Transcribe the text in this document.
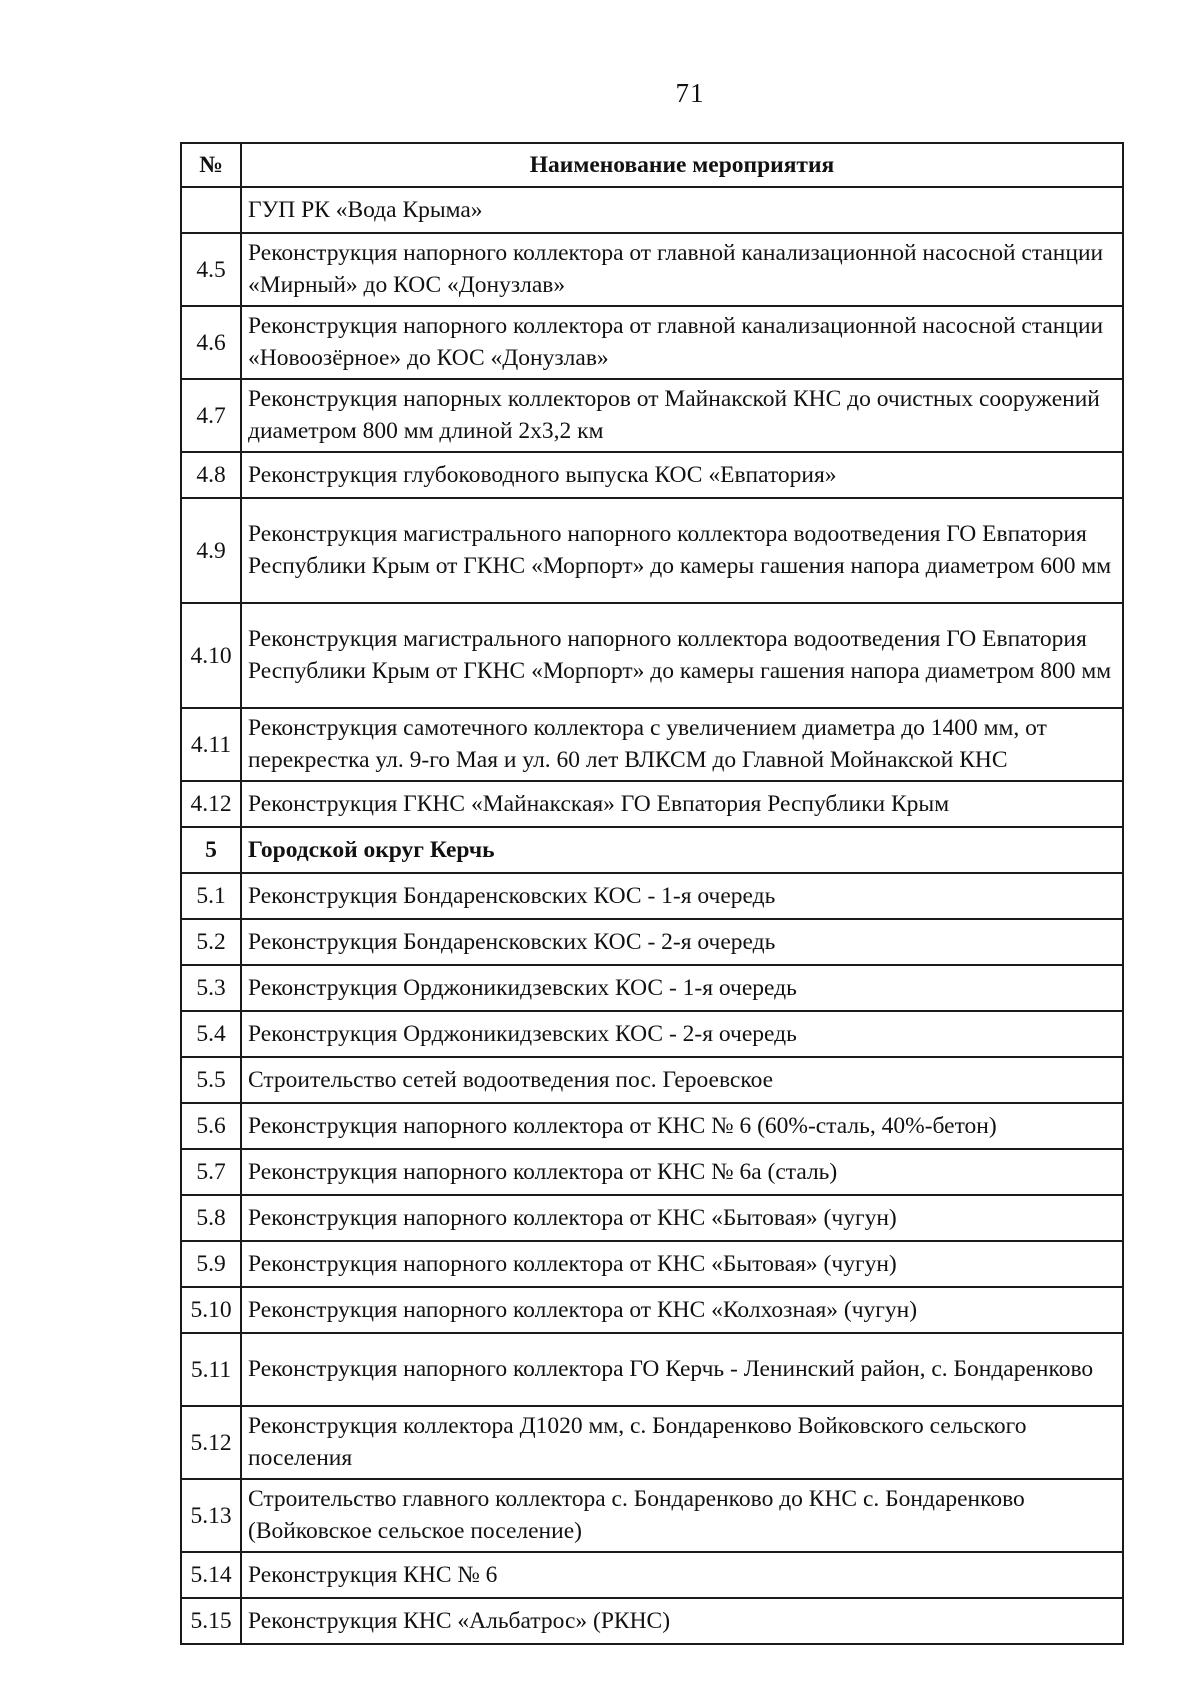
71
№	Наименование мероприятия
	ГУП РК «Вода Крыма»
4.5	Реконструкция напорного коллектора от главной канализационной насосной станции «Мирный» до КОС «Донузлав»
4.6	Реконструкция напорного коллектора от главной канализационной насосной станции «Новоозёрное» до КОС «Донузлав»
4.7	Реконструкция напорных коллекторов от Майнакской КНС до очистных сооружений диаметром 800 мм длиной 2х3,2 км
4.8	Реконструкция глубоководного выпуска КОС «Евпатория»
4.9	Реконструкция магистрального напорного коллектора водоотведения ГО Евпатория Республики Крым от ГКНС «Морпорт» до камеры гашения напора диаметром 600 мм
4.10	Реконструкция магистрального напорного коллектора водоотведения ГО Евпатория Республики Крым от ГКНС «Морпорт» до камеры гашения напора диаметром 800 мм
4.11	Реконструкция самотечного коллектора с увеличением диаметра до 1400 мм, от перекрестка ул. 9-го Мая и ул. 60 лет ВЛКСМ до Главной Мойнакской КНС
4.12	Реконструкция ГКНС «Майнакская» ГО Евпатория Республики Крым
5	Городской округ Керчь
5.1	Реконструкция Бондаренсковских КОС - 1-я очередь
5.2	Реконструкция Бондаренсковских КОС - 2-я очередь
5.3	Реконструкция Орджоникидзевских КОС - 1-я очередь
5.4	Реконструкция Орджоникидзевских КОС - 2-я очередь
5.5	Строительство сетей водоотведения пос. Героевское
5.6	Реконструкция напорного коллектора от КНС № 6 (60%-сталь, 40%-бетон)
5.7	Реконструкция напорного коллектора от КНС № 6а (сталь)
5.8	Реконструкция напорного коллектора от КНС «Бытовая» (чугун)
5.9	Реконструкция напорного коллектора от КНС «Бытовая» (чугун)
5.10	Реконструкция напорного коллектора от КНС «Колхозная» (чугун)
5.11	Реконструкция напорного коллектора ГО Керчь - Ленинский район, с. Бондаренково
5.12	Реконструкция коллектора Д1020 мм, с. Бондаренково Войковского сельского поселения
5.13	Строительство главного коллектора с. Бондаренково до КНС с. Бондаренково (Войковское сельское поселение)
5.14	Реконструкция КНС № 6
5.15	Реконструкция КНС «Альбатрос» (РКНС)
